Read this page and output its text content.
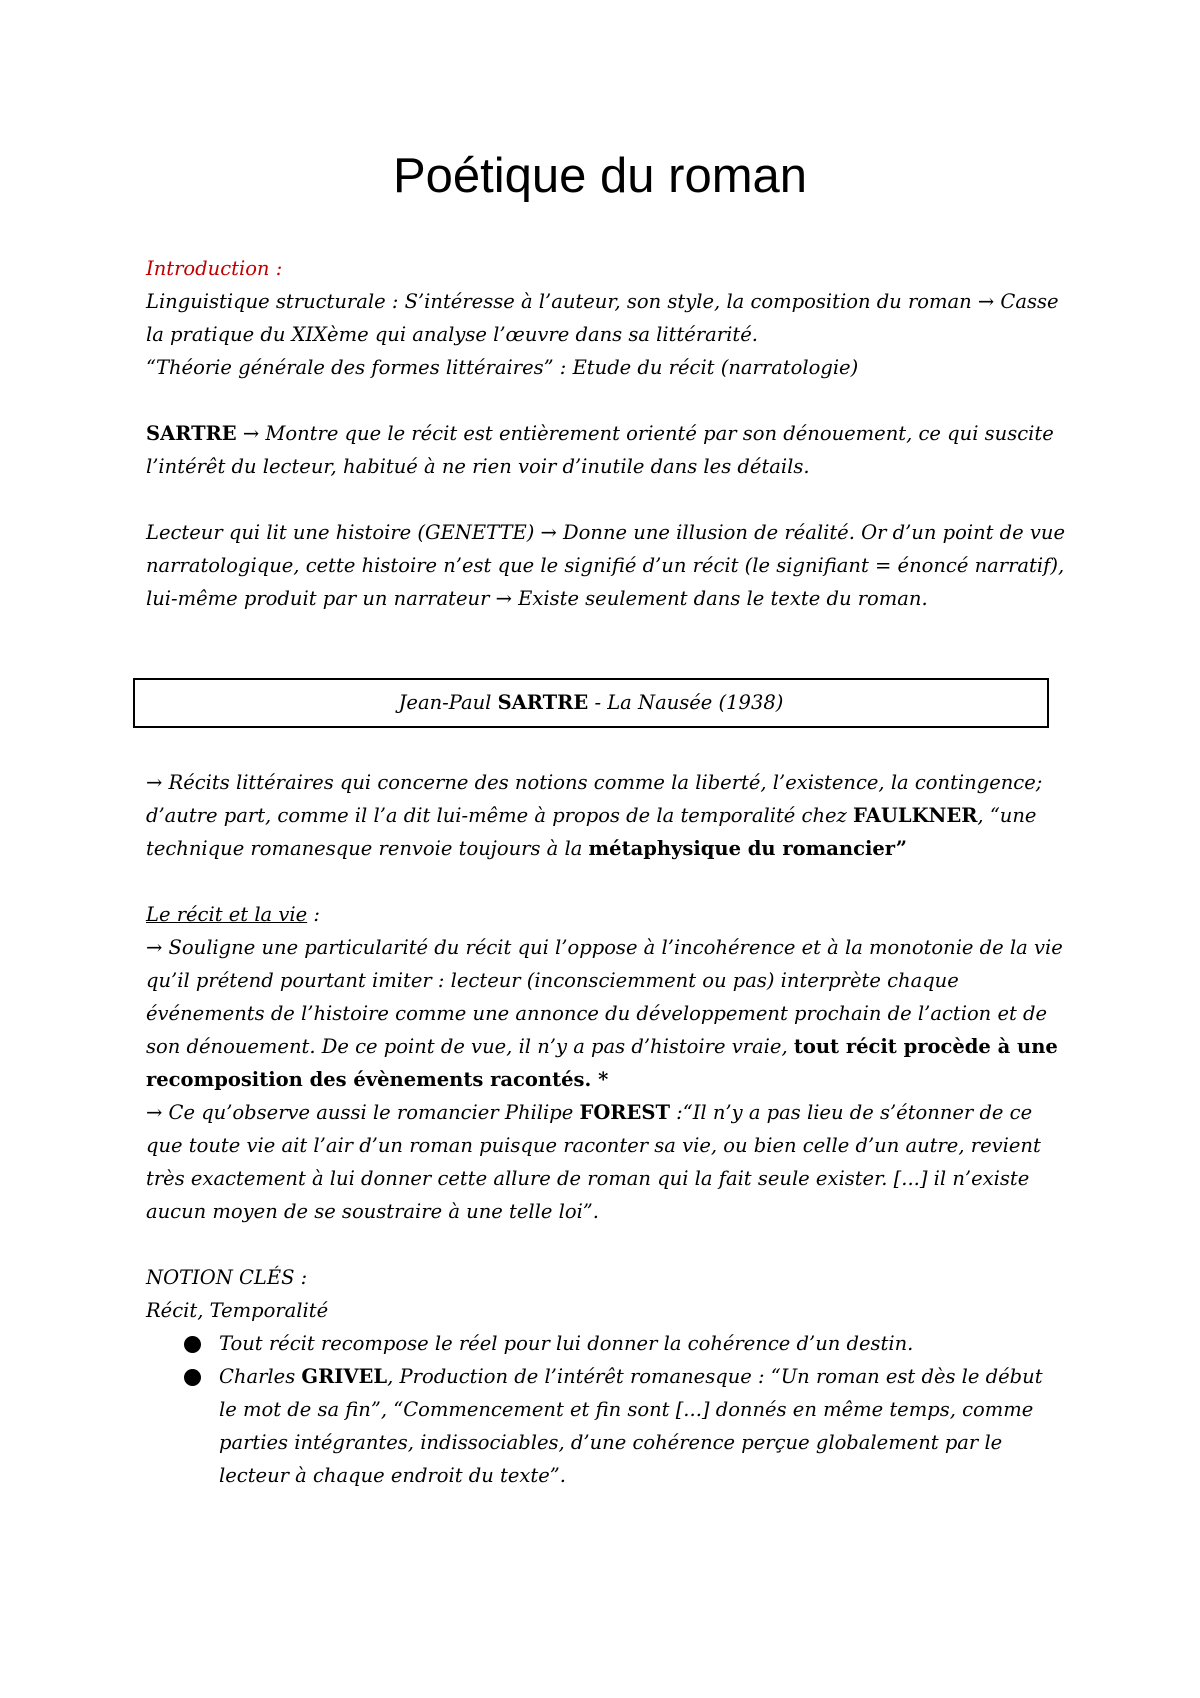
Poétique du roman

Introduction :

Linguistique structurale : S’intéresse à l’auteur, son style, la composition du roman → Casse la pratique du XIXème qui analyse l’œuvre dans sa littérarité.

“Théorie générale des formes littéraires” : Etude du récit (narratologie)

SARTRE → Montre que le récit est entièrement orienté par son dénouement, ce qui suscite l’intérêt du lecteur, habitué à ne rien voir d’inutile dans les détails.

Lecteur qui lit une histoire (GENETTE) → Donne une illusion de réalité. Or d’un point de vue narratologique, cette histoire n’est que le signifié d’un récit (le signifiant = énoncé narratif), lui-même produit par un narrateur → Existe seulement dans le texte du roman.

Jean-Paul SARTRE - La Nausée (1938)

→ Récits littéraires qui concerne des notions comme la liberté, l’existence, la contingence; d’autre part, comme il l’a dit lui-même à propos de la temporalité chez FAULKNER, “une technique romanesque renvoie toujours à la métaphysique du romancier”

Le récit et la vie :

→ Souligne une particularité du récit qui l’oppose à l’incohérence et à la monotonie de la vie qu’il prétend pourtant imiter : lecteur (inconsciemment ou pas) interprète chaque événements de l’histoire comme une annonce du développement prochain de l’action et de son dénouement. De ce point de vue, il n’y a pas d’histoire vraie, tout récit procède à une recomposition des évènements racontés. *

→ Ce qu’observe aussi le romancier Philipe FOREST :“Il n’y a pas lieu de s’étonner de ce que toute vie ait l’air d’un roman puisque raconter sa vie, ou bien celle d’un autre, revient très exactement à lui donner cette allure de roman qui la fait seule exister. [...] il n’existe aucun moyen de se soustraire à une telle loi”.

NOTION CLÉS :

Récit, Temporalité

Tout récit recompose le réel pour lui donner la cohérence d’un destin.
Charles GRIVEL, Production de l’intérêt romanesque : “Un roman est dès le début le mot de sa fin”, “Commencement et fin sont [...] donnés en même temps, comme parties intégrantes, indissociables, d’une cohérence perçue globalement par le lecteur à chaque endroit du texte”.
